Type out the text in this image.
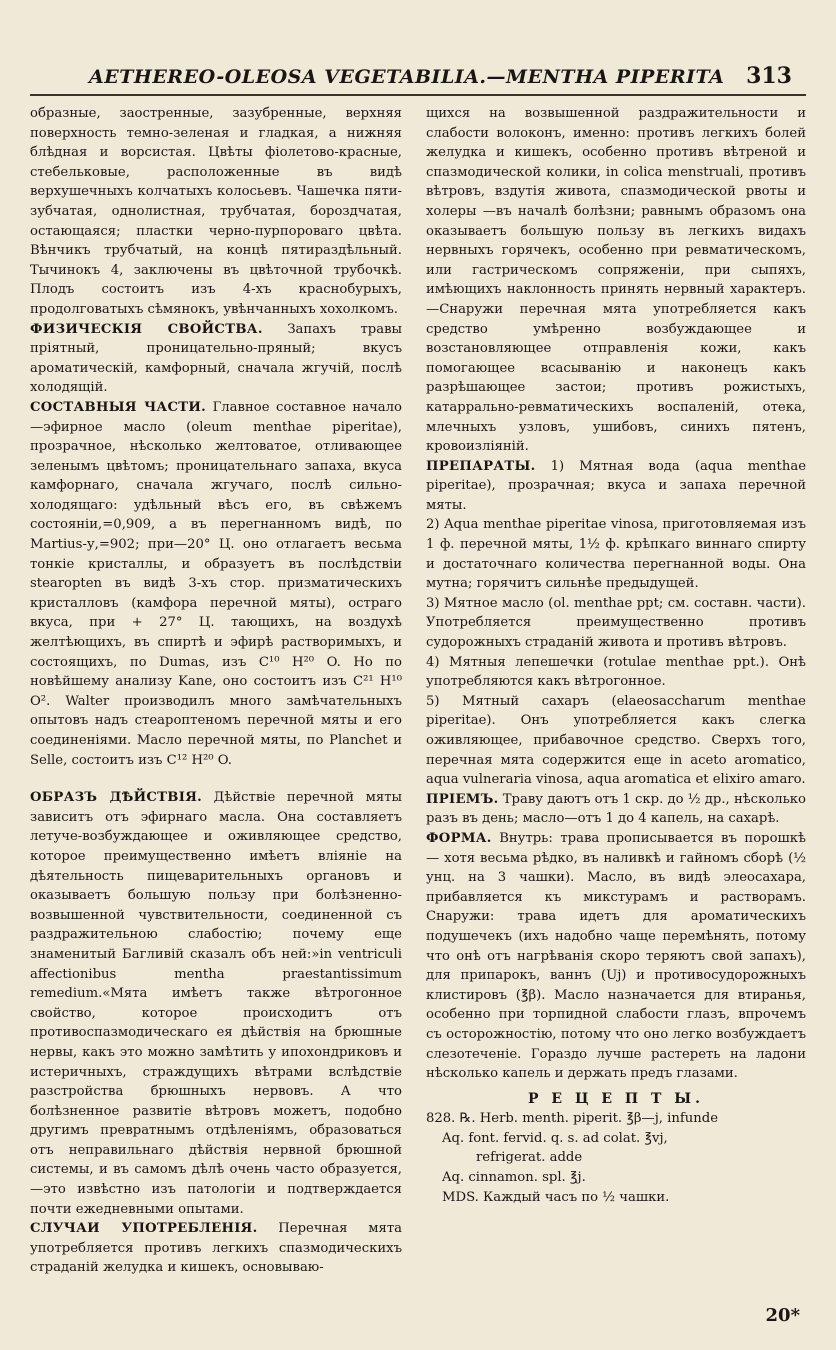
AETHEREO-OLEOSA VEGETABILIA.—MENTHA PIPERITA 313

образные, заостренные, зазубренные, верхняя поверхность темно-зеленая и гладкая, а нижняя блѣдная и ворсистая. Цвѣты фіолетово-красные, стебельковые, расположенные въ видѣ верхушечныхъ колчатыхъ колосьевъ. Чашечка пяти-зубчатая, однолистная, трубчатая, бороздчатая, остающаяся; пластки черно-пурпороваго цвѣта. Вѣнчикъ трубчатый, на концѣ пятираздѣльный. Тычинокъ 4, заключены въ цвѣточной трубочкѣ. Плодъ состоитъ изъ 4-хъ краснобурыхъ, продолговатыхъ сѣмянокъ, увѣнчанныхъ хохолкомъ.

ФИЗИЧЕСКІЯ СВОЙСТВА. Запахъ травы пріятный, проницательно-пряный; вкусъ ароматическій, камфорный, сначала жгучій, послѣ холодящій.

СОСТАВНЫЯ ЧАСТИ. Главное составное начало—эфирное масло (oleum menthae piperitae), прозрачное, нѣсколько желтоватое, отливающее зеленымъ цвѣтомъ; проницательнаго запаха, вкуса камфорнаго, сначала жгучаго, послѣ сильно-холодящаго: удѣльный вѣсъ его, въ свѣжемъ состояніи,=0,909, а въ перегнанномъ видѣ, по Martius-у,=902; при—20° Ц. оно отлагаетъ весьма тонкіе кристаллы, и образуетъ въ послѣдствіи stearopten въ видѣ 3-хъ стор. призматическихъ кристалловъ (камфора перечной мяты), остраго вкуса, при + 27° Ц. тающихъ, на воздухѣ желтѣющихъ, въ спиртѣ и эфирѣ растворимыхъ, и состоящихъ, по Dumas, изъ C¹⁰ H²⁰ O. Но по новѣйшему анализу Kane, оно состоитъ изъ C²¹ H¹⁰ O². Walter производилъ много замѣчательныхъ опытовъ надъ стеароптеномъ перечной мяты и его соединеніями. Масло перечной мяты, по Planchet и Selle, состоитъ изъ C¹² H²⁰ O.

ОБРАЗЪ ДѢЙСТВІЯ. Дѣйствіе перечной мяты зависитъ отъ эфирнаго масла. Она составляетъ летуче-возбуждающее и оживляющее средство, которое преимущественно имѣетъ вліяніе на дѣятельность пищеварительныхъ органовъ и оказываетъ большую пользу при болѣзненно-возвышенной чувствительности, соединенной съ раздражительною слабостію; почему еще знаменитый Багливій сказалъ объ ней:»in ventriculi affectionibus mentha praestantissimum remedium.«Мята имѣетъ также вѣтрогонное свойство, которое происходитъ отъ противоспазмодическаго ея дѣйствія на брюшные нервы, какъ это можно замѣтить у ипохондриковъ и истеричныхъ, страждущихъ вѣтрами вслѣдствіе разстройства брюшныхъ нервовъ. А что болѣзненное развитіе вѣтровъ можетъ, подобно другимъ превратнымъ отдѣленіямъ, образоваться отъ неправильнаго дѣйствія нервной брюшной системы, и въ самомъ дѣлѣ очень часто образуется,—это извѣстно изъ патологіи и подтверждается почти ежедневными опытами.

СЛУЧАИ УПОТРЕБЛЕНІЯ. Перечная мята употребляется противъ легкихъ спазмодическихъ страданій желудка и кишекъ, основываю-

щихся на возвышенной раздражительности и слабости волоконъ, именно: противъ легкихъ болей желудка и кишекъ, особенно противъ вѣтреной и спазмодической колики, in colica menstruali, противъ вѣтровъ, вздутія живота, спазмодической рвоты и холеры —въ началѣ болѣзни; равнымъ образомъ она оказываетъ большую пользу въ легкихъ видахъ нервныхъ горячекъ, особенно при ревматическомъ, или гастрическомъ сопряженіи, при сыпяхъ, имѣющихъ наклонность принять нервный характеръ.—Снаружи перечная мята употребляется какъ средство умѣренно возбуждающее и возстановляющее отправленія кожи, какъ помогающее всасыванію и наконецъ какъ разрѣшающее застои; противъ рожистыхъ, катаррально-ревматическихъ воспаленій, отека, млечныхъ узловъ, ушибовъ, синихъ пятенъ, кровоизліяній.

ПРЕПАРАТЫ. 1) Мятная вода (aqua menthae piperitae), прозрачная; вкуса и запаха перечной мяты.

2) Aqua menthae piperitae vinosa, приготовляемая изъ 1 ф. перечной мяты, 1½ ф. крѣпкаго виннаго спирту и достаточнаго количества перегнанной воды. Она мутна; горячитъ сильнѣе предыдущей.

3) Мятное масло (ol. menthae ppt; см. составн. части). Употребляется преимущественно противъ судорожныхъ страданій живота и противъ вѣтровъ.

4) Мятныя лепешечки (rotulae menthae ppt.). Онѣ употребляются какъ вѣтрогонное.

5) Мятный сахаръ (elaeosaccharum menthae piperitae). Онъ употребляется какъ слегка оживляющее, прибавочное средство. Сверхъ того, перечная мята содержится еще in aceto aromatico, aqua vulneraria vinosa, aqua aromatica et elixiro amaro.

ПРІЕМЪ. Траву даютъ отъ 1 скр. до ½ др., нѣсколько разъ въ день; масло—отъ 1 до 4 капель, на сахарѣ.

ФОРМА. Внутрь: трава прописывается въ порошкѣ — хотя весьма рѣдко, въ наливкѣ и гайномъ сборѣ (½ унц. на 3 чашки). Масло, въ видѣ элеосахара, прибавляется къ микстурамъ и растворамъ. Снаружи: трава идетъ для ароматическихъ подушечекъ (ихъ надобно чаще перемѣнять, потому что онѣ отъ нагрѣванія скоро теряютъ свой запахъ), для припарокъ, ваннъ (Uj) и противосудорожныхъ клистировъ (℥β). Масло назначается для втиранья, особенно при торпидной слабости глазъ, впрочемъ съ осторожностію, потому что оно легко возбуждаетъ слезотеченіе. Гораздо лучше растереть на ладони нѣсколько капель и держать предъ глазами.

Р Е Ц Е П Т Ы.
828. ℞. Herb. menth. piperit. ℥β—j, infunde
Aq. font. fervid. q. s. ad colat. ℥vj,
refrigerat. adde
Aq. cinnamon. spl. ℥j.
MDS. Каждый часъ по ½ чашки.
20*
